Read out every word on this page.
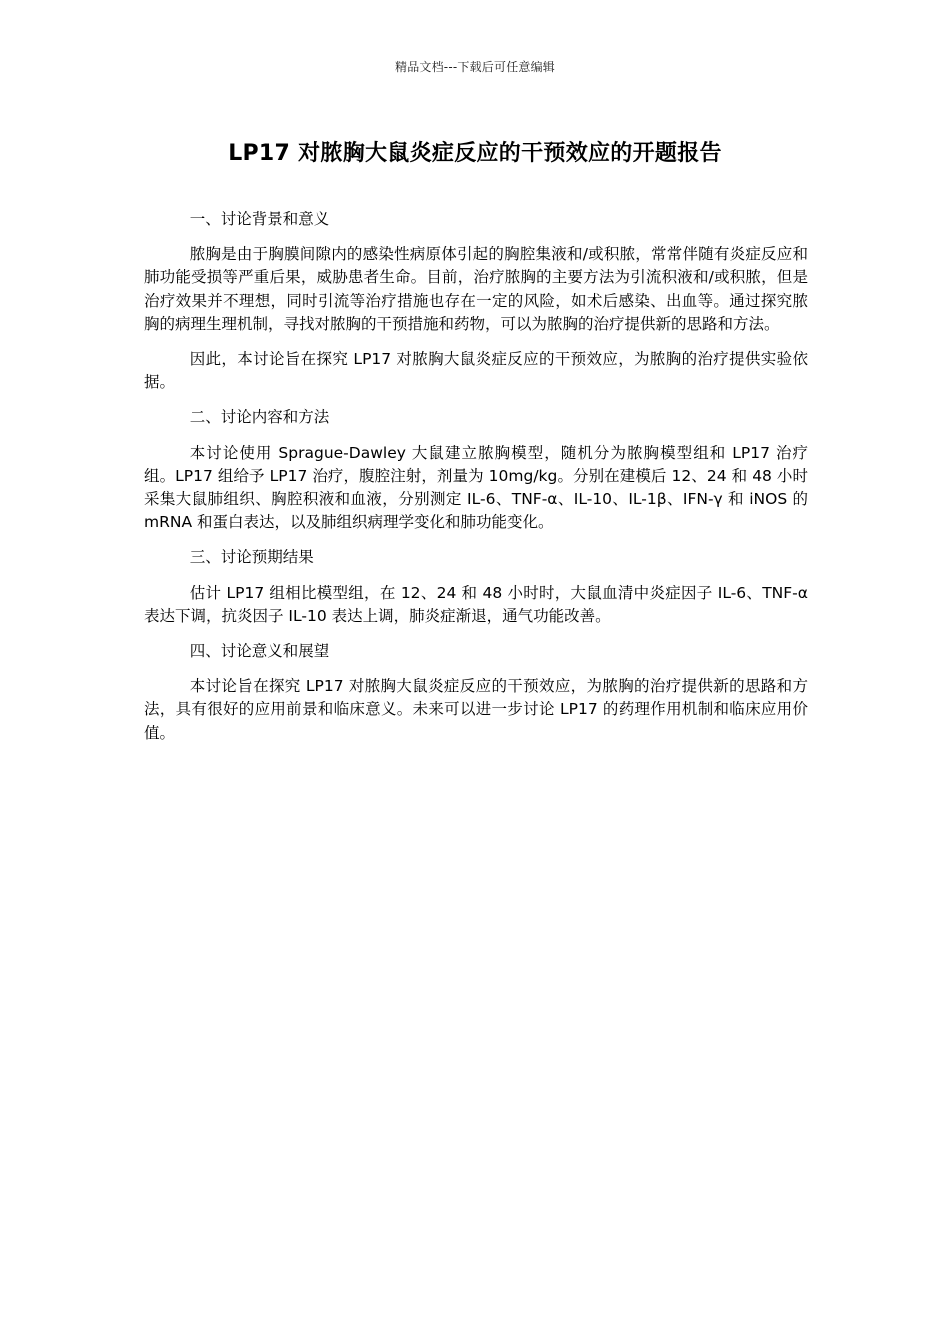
精品文档---下载后可任意编辑
LP17 对脓胸大鼠炎症反应的干预效应的开题报告

一、讨论背景和意义

脓胸是由于胸膜间隙内的感染性病原体引起的胸腔集液和/或积脓，常常伴随有炎症反应和肺功能受损等严重后果，威胁患者生命。目前，治疗脓胸的主要方法为引流积液和/或积脓，但是治疗效果并不理想，同时引流等治疗措施也存在一定的风险，如术后感染、出血等。通过探究脓胸的病理生理机制，寻找对脓胸的干预措施和药物，可以为脓胸的治疗提供新的思路和方法。

因此，本讨论旨在探究 LP17 对脓胸大鼠炎症反应的干预效应，为脓胸的治疗提供实验依据。

二、讨论内容和方法

本讨论使用 Sprague-Dawley 大鼠建立脓胸模型，随机分为脓胸模型组和 LP17 治疗组。LP17 组给予 LP17 治疗，腹腔注射，剂量为 10mg/kg。分别在建模后 12、24 和 48 小时采集大鼠肺组织、胸腔积液和血液，分别测定 IL-6、TNF-α、IL-10、IL-1β、IFN-γ 和 iNOS 的 mRNA 和蛋白表达，以及肺组织病理学变化和肺功能变化。

三、讨论预期结果

估计 LP17 组相比模型组，在 12、24 和 48 小时时，大鼠血清中炎症因子 IL-6、TNF-α 表达下调，抗炎因子 IL-10 表达上调，肺炎症渐退，通气功能改善。

四、讨论意义和展望

本讨论旨在探究 LP17 对脓胸大鼠炎症反应的干预效应，为脓胸的治疗提供新的思路和方法，具有很好的应用前景和临床意义。未来可以进一步讨论 LP17 的药理作用机制和临床应用价值。
